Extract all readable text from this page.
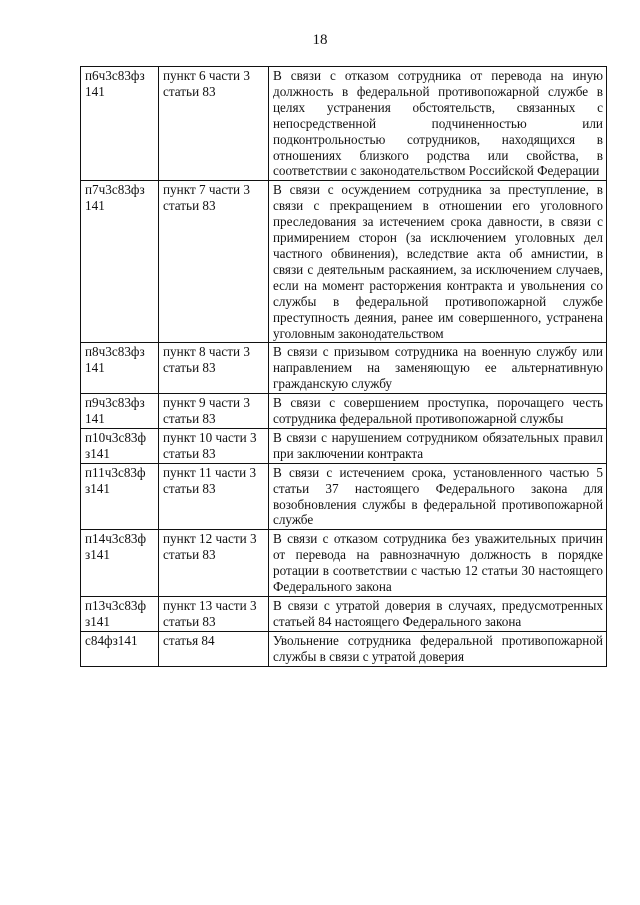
18
п6ч3с83фз 141	пункт 6 части 3 статьи 83	В связи с отказом сотрудника от перевода на иную должность в федеральной противопожарной службе в целях устранения обстоятельств, связанных с непосредственной подчиненностью или подконтрольностью сотрудников, находящихся в отношениях близкого родства или свойства, в соответствии с законодательством Российской Федерации
п7ч3с83фз 141	пункт 7 части 3 статьи 83	В связи с осуждением сотрудника за преступление, в связи с прекращением в отношении его уголовного преследования за истечением срока давности, в связи с примирением сторон (за исключением уголовных дел частного обвинения), вследствие акта об амнистии, в связи с деятельным раскаянием, за исключением случаев, если на момент расторжения контракта и увольнения со службы в федеральной противопожарной службе преступность деяния, ранее им совершенного, устранена уголовным законодательством
п8ч3с83фз 141	пункт 8 части 3 статьи 83	В связи с призывом сотрудника на военную службу или направлением на заменяющую ее альтернативную гражданскую службу
п9ч3с83фз 141	пункт 9 части 3 статьи 83	В связи с совершением проступка, порочащего честь сотрудника федеральной противопожарной службы
п10ч3с83ф з141	пункт 10 части 3 статьи 83	В связи с нарушением сотрудником обязательных правил при заключении контракта
п11ч3с83ф з141	пункт 11 части 3 статьи 83	В связи с истечением срока, установленного частью 5 статьи 37 настоящего Федерального закона для возобновления службы в федеральной противопожарной службе
п14ч3с83ф з141	пункт 12 части 3 статьи 83	В связи с отказом сотрудника без уважительных причин от перевода на равнозначную должность в порядке ротации в соответствии с частью 12 статьи 30 настоящего Федерального закона
п13ч3с83ф з141	пункт 13 части 3 статьи 83	В связи с утратой доверия в случаях, предусмотренных статьей 84 настоящего Федерального закона
с84фз141	статья 84	Увольнение сотрудника федеральной противопожарной службы в связи с утратой доверия
